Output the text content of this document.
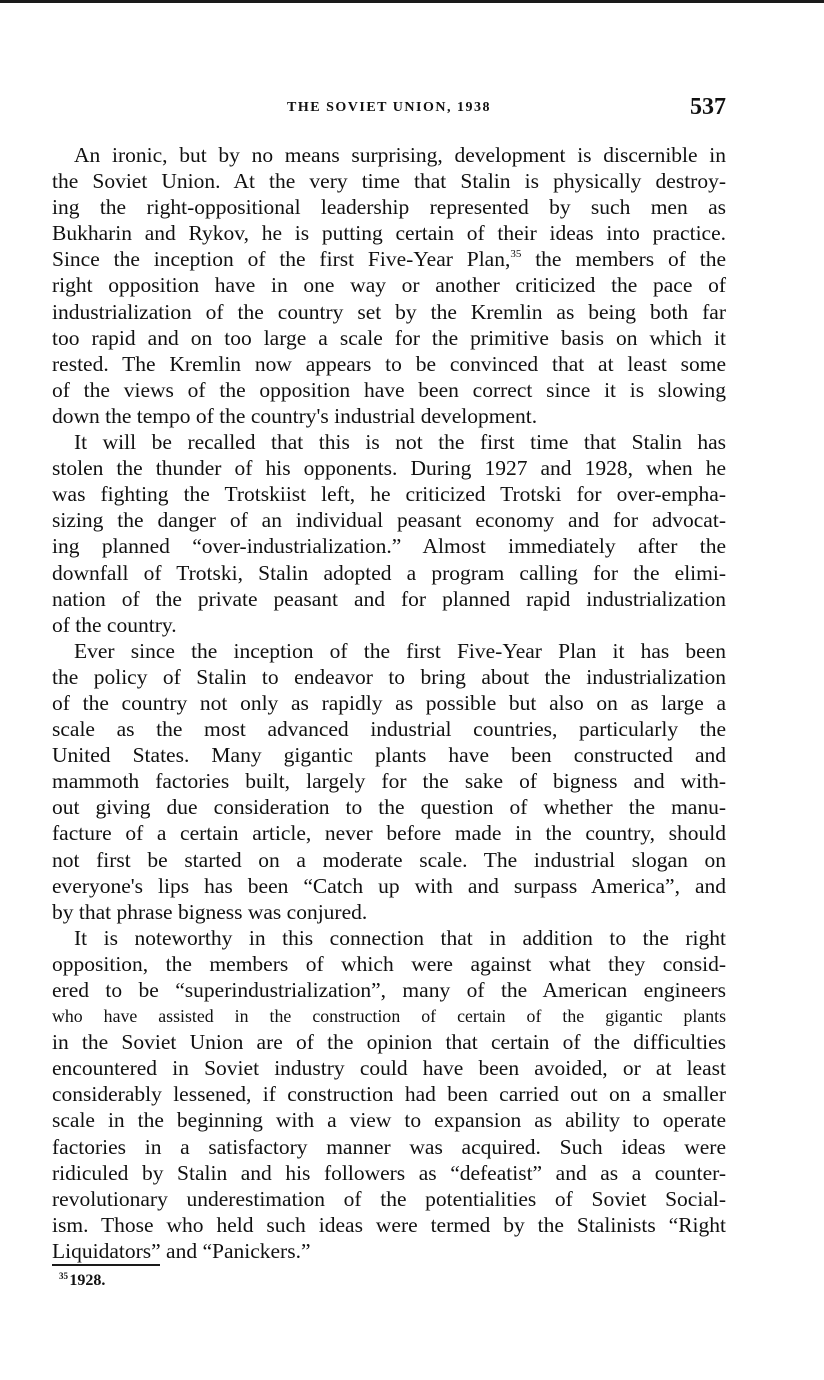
THE SOVIET UNION, 1938	537
An ironic, but by no means surprising, development is discernible in
the Soviet Union. At the very time that Stalin is physically destroy-
ing the right-oppositional leadership represented by such men as
Bukharin and Rykov, he is putting certain of their ideas into practice.
Since the inception of the first Five-Year Plan,$^{35}$ the members of the
right opposition have in one way or another criticized the pace of
industrialization of the country set by the Kremlin as being both far
too rapid and on too large a scale for the primitive basis on which it
rested. The Kremlin now appears to be convinced that at least some
of the views of the opposition have been correct since it is slowing
down the tempo of the country's industrial development.
It will be recalled that this is not the first time that Stalin has
stolen the thunder of his opponents. During 1927 and 1928, when he
was fighting the Trotskiist left, he criticized Trotski for over-empha-
sizing the danger of an individual peasant economy and for advocat-
ing planned “over-industrialization.” Almost immediately after the
downfall of Trotski, Stalin adopted a program calling for the elimi-
nation of the private peasant and for planned rapid industrialization
of the country.
Ever since the inception of the first Five-Year Plan it has been
the policy of Stalin to endeavor to bring about the industrialization
of the country not only as rapidly as possible but also on as large a
scale as the most advanced industrial countries, particularly the
United States. Many gigantic plants have been constructed and
mammoth factories built, largely for the sake of bigness and with-
out giving due consideration to the question of whether the manu-
facture of a certain article, never before made in the country, should
not first be started on a moderate scale. The industrial slogan on
everyone's lips has been “Catch up with and surpass America”, and
by that phrase bigness was conjured.
It is noteworthy in this connection that in addition to the right
opposition, the members of which were against what they consid-
ered to be “superindustrialization”, many of the American engineers
who have assisted in the construction of certain of the gigantic plants
in the Soviet Union are of the opinion that certain of the difficulties
encountered in Soviet industry could have been avoided, or at least
considerably lessened, if construction had been carried out on a smaller
scale in the beginning with a view to expansion as ability to operate
factories in a satisfactory manner was acquired. Such ideas were
ridiculed by Stalin and his followers as “defeatist” and as a counter-
revolutionary underestimation of the potentialities of Soviet Social-
ism. Those who held such ideas were termed by the Stalinists “Right
Liquidators” and “Panickers.”
$^{35}$ 1928.
